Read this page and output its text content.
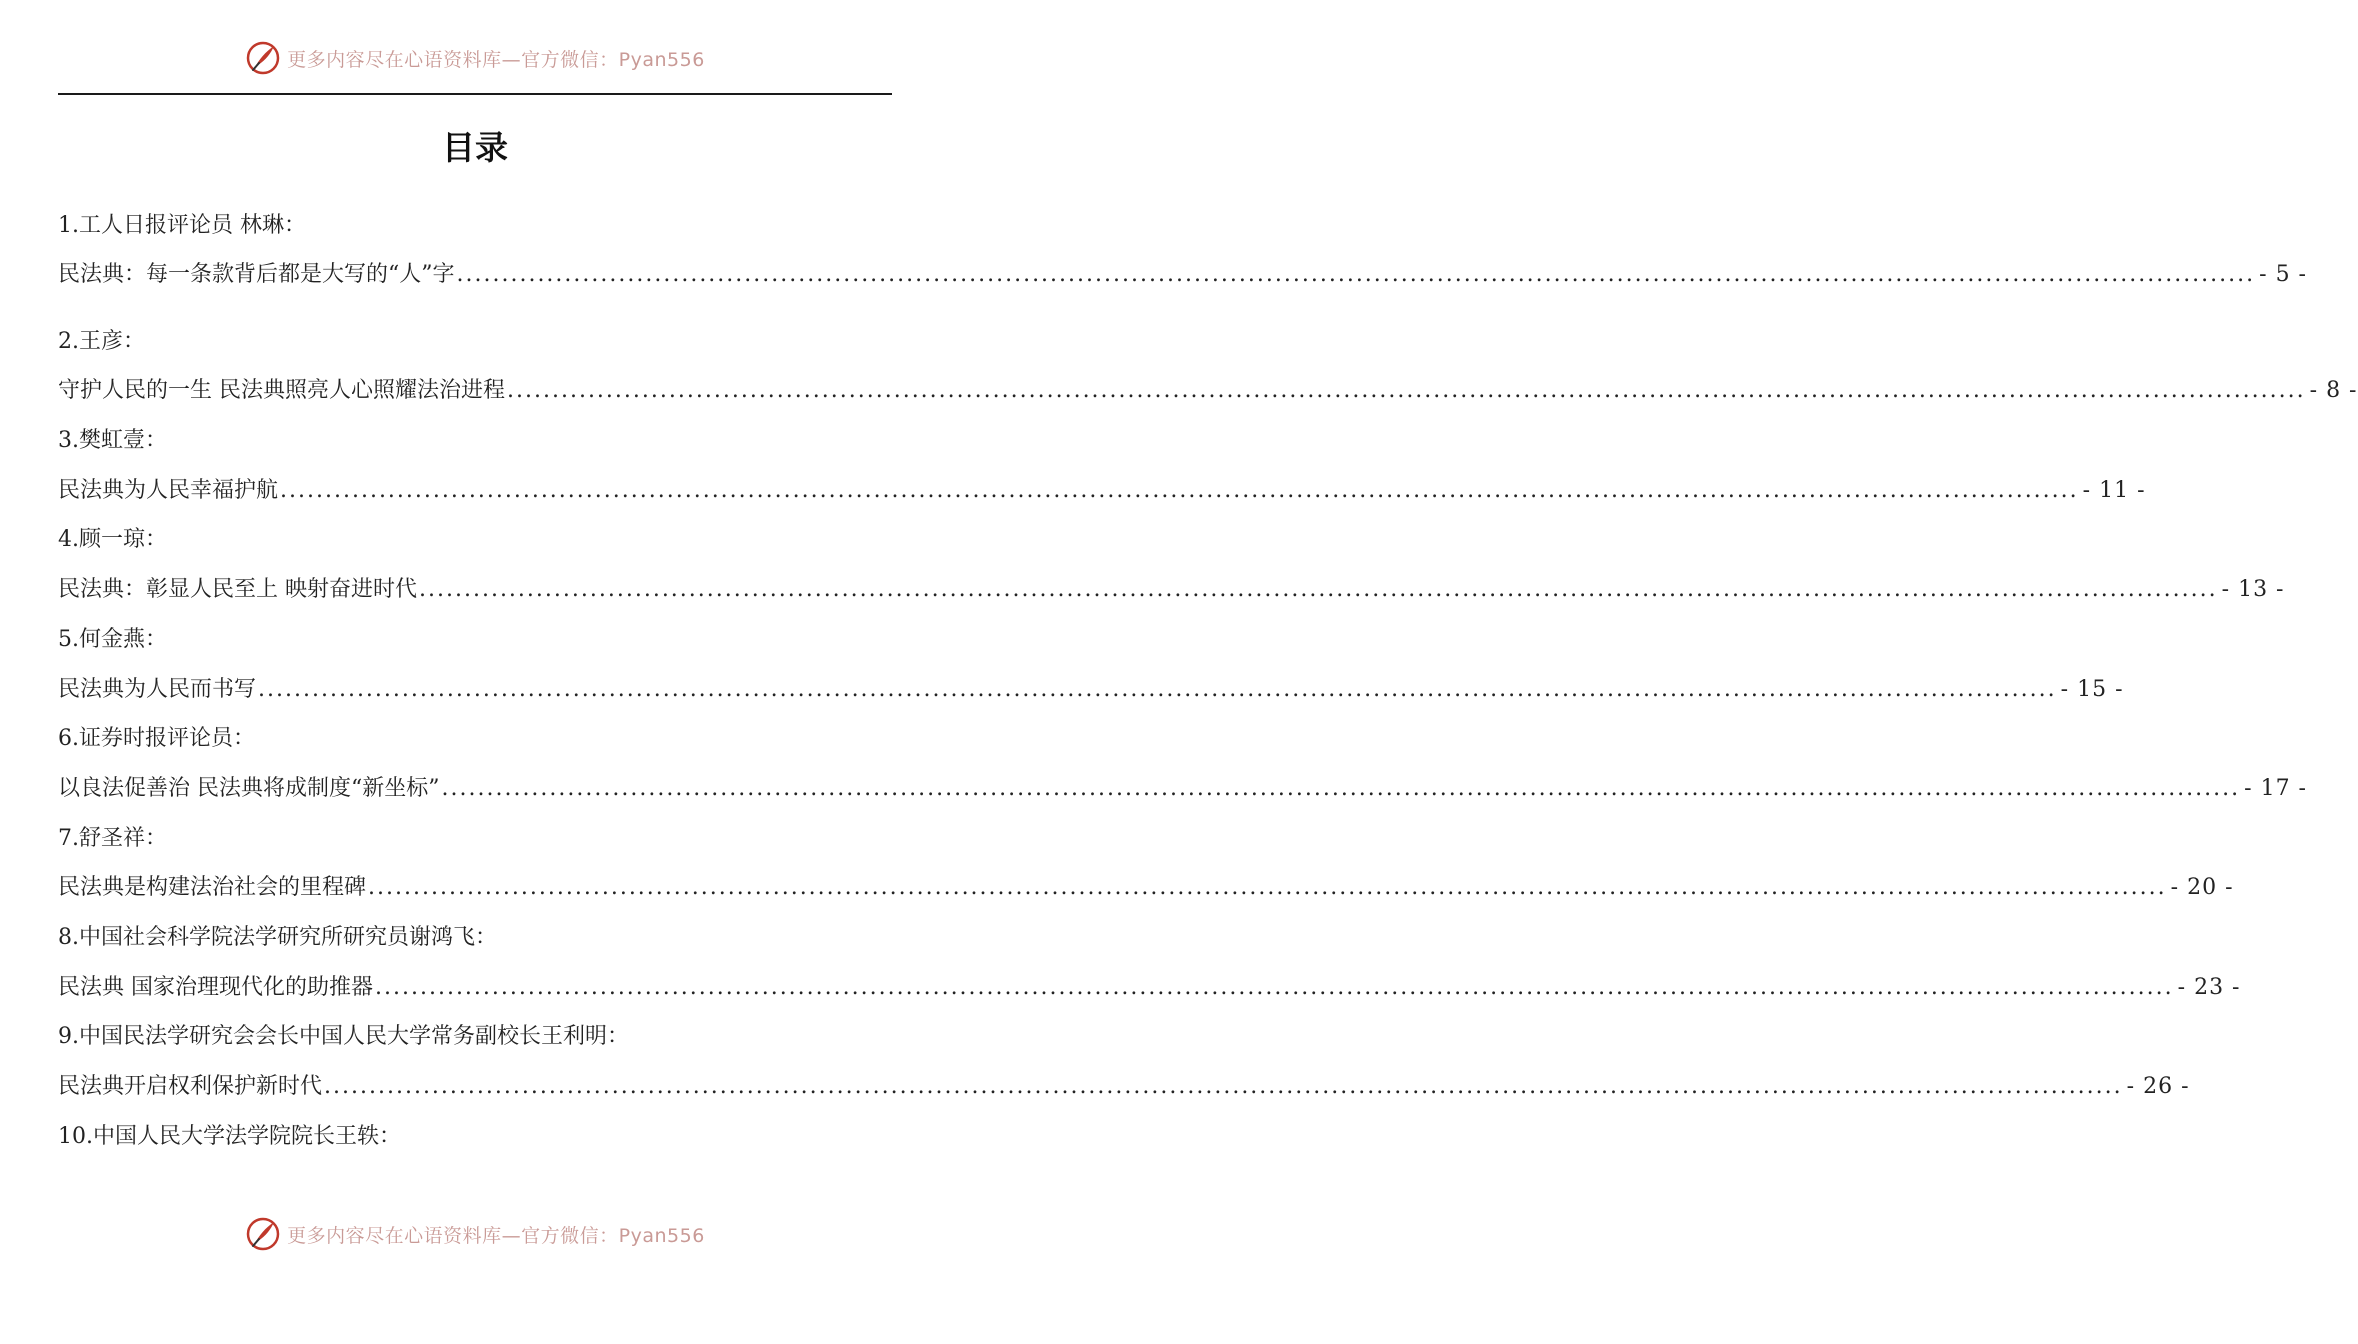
更多内容尽在心语资料库—官方微信：Pyan556
目录
1.工人日报评论员 林琳：
民法典：每一条款背后都是大写的“人”字 ........................................................................................................................................................................................................ - 5 -
2.王彦：
守护人民的一生 民法典照亮人心照耀法治进程 ........................................................................................................................................................................................................ - 8 -
3.樊虹壹：
民法典为人民幸福护航 ........................................................................................................................................................................................................ - 11 -
4.顾一琼：
民法典：彰显人民至上 映射奋进时代 ........................................................................................................................................................................................................ - 13 -
5.何金燕：
民法典为人民而书写 ........................................................................................................................................................................................................ - 15 -
6.证券时报评论员：
以良法促善治 民法典将成制度“新坐标” ........................................................................................................................................................................................................ - 17 -
7.舒圣祥：
民法典是构建法治社会的里程碑 ........................................................................................................................................................................................................ - 20 -
8.中国社会科学院法学研究所研究员谢鸿飞：
民法典 国家治理现代化的助推器 ........................................................................................................................................................................................................ - 23 -
9.中国民法学研究会会长中国人民大学常务副校长王利明：
民法典开启权利保护新时代 ........................................................................................................................................................................................................ - 26 -
10.中国人民大学法学院院长王轶：
更多内容尽在心语资料库—官方微信：Pyan556
